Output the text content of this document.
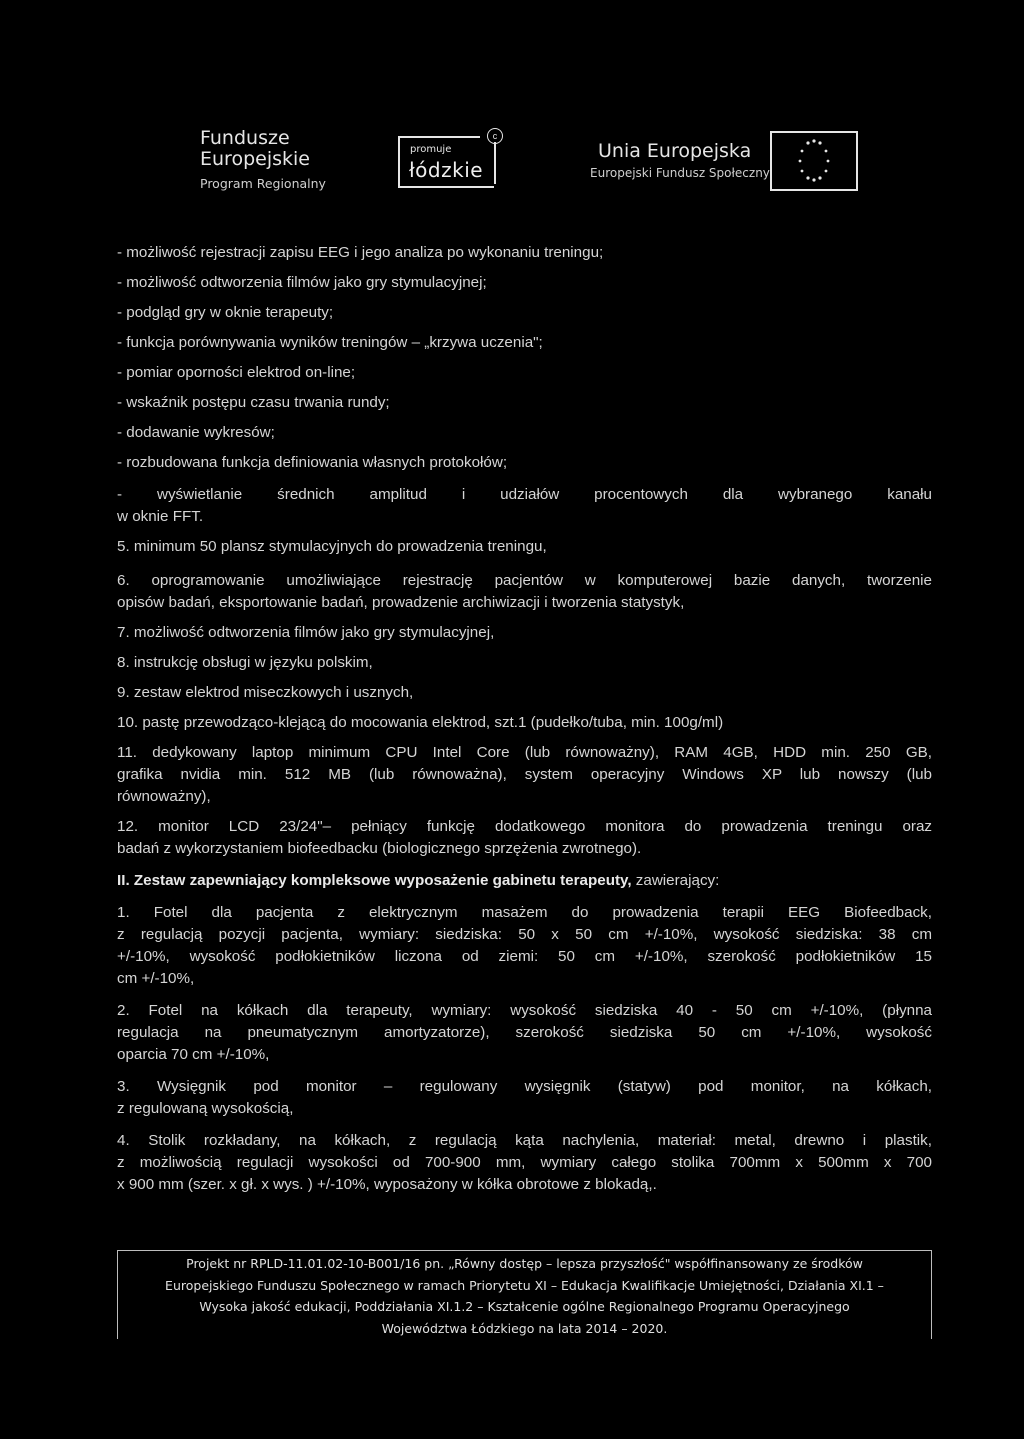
Fundusze
Europejskie
Program Regionalny
promuje
łódzkie
c
Unia Europejska
Europejski Fundusz Społeczny
- możliwość rejestracji zapisu EEG i jego analiza po wykonaniu treningu;
- możliwość odtworzenia filmów jako gry stymulacyjnej;
- podgląd gry w oknie terapeuty;
- funkcja porównywania wyników treningów – „krzywa uczenia";
- pomiar oporności elektrod on-line;
- wskaźnik postępu czasu trwania rundy;
- dodawanie wykresów;
- rozbudowana funkcja definiowania własnych protokołów;
- wyświetlanie średnich amplitud i udziałów procentowych dla wybranego kanału
w oknie FFT.
5. minimum 50 plansz stymulacyjnych do prowadzenia treningu,
6. oprogramowanie umożliwiające rejestrację pacjentów w komputerowej bazie danych, tworzenie
opisów badań, eksportowanie badań, prowadzenie archiwizacji i tworzenia statystyk,
7. możliwość odtworzenia filmów jako gry stymulacyjnej,
8. instrukcję obsługi w języku polskim,
9. zestaw elektrod miseczkowych i usznych,
10. pastę przewodząco-klejącą do mocowania elektrod, szt.1 (pudełko/tuba, min. 100g/ml)
11. dedykowany laptop minimum CPU Intel Core (lub równoważny), RAM 4GB, HDD min. 250 GB,
grafika nvidia min. 512 MB (lub równoważna), system operacyjny Windows XP lub nowszy (lub
równoważny),
12. monitor LCD 23/24"– pełniący funkcję dodatkowego monitora do prowadzenia treningu oraz
badań z wykorzystaniem biofeedbacku (biologicznego sprzężenia zwrotnego).
II. Zestaw zapewniający kompleksowe wyposażenie gabinetu terapeuty, zawierający:
1. Fotel dla pacjenta z elektrycznym masażem do prowadzenia terapii EEG Biofeedback,
z regulacją pozycji pacjenta, wymiary: siedziska: 50 x 50 cm +/-10%, wysokość siedziska: 38 cm
+/-10%, wysokość podłokietników liczona od ziemi: 50 cm +/-10%, szerokość podłokietników 15
cm +/-10%,
2. Fotel na kółkach dla terapeuty, wymiary: wysokość siedziska 40 - 50 cm +/-10%, (płynna
regulacja na pneumatycznym amortyzatorze), szerokość siedziska 50 cm +/-10%, wysokość
oparcia 70 cm +/-10%,
3. Wysięgnik pod monitor – regulowany wysięgnik (statyw) pod monitor, na kółkach,
z regulowaną wysokością,
4. Stolik rozkładany, na kółkach, z regulacją kąta nachylenia, materiał: metal, drewno i plastik,
z możliwością regulacji wysokości od 700-900 mm, wymiary całego stolika 700mm x 500mm x 700
x 900 mm (szer. x gł. x wys. ) +/-10%, wyposażony w kółka obrotowe z blokadą,.
Projekt nr RPLD-11.01.02-10-B001/16 pn. „Równy dostęp – lepsza przyszłość" współfinansowany ze środków
Europejskiego Funduszu Społecznego w ramach Priorytetu XI – Edukacja Kwalifikacje Umiejętności, Działania XI.1 –
Wysoka jakość edukacji, Poddziałania XI.1.2 – Kształcenie ogólne Regionalnego Programu Operacyjnego
Województwa Łódzkiego na lata 2014 – 2020.
